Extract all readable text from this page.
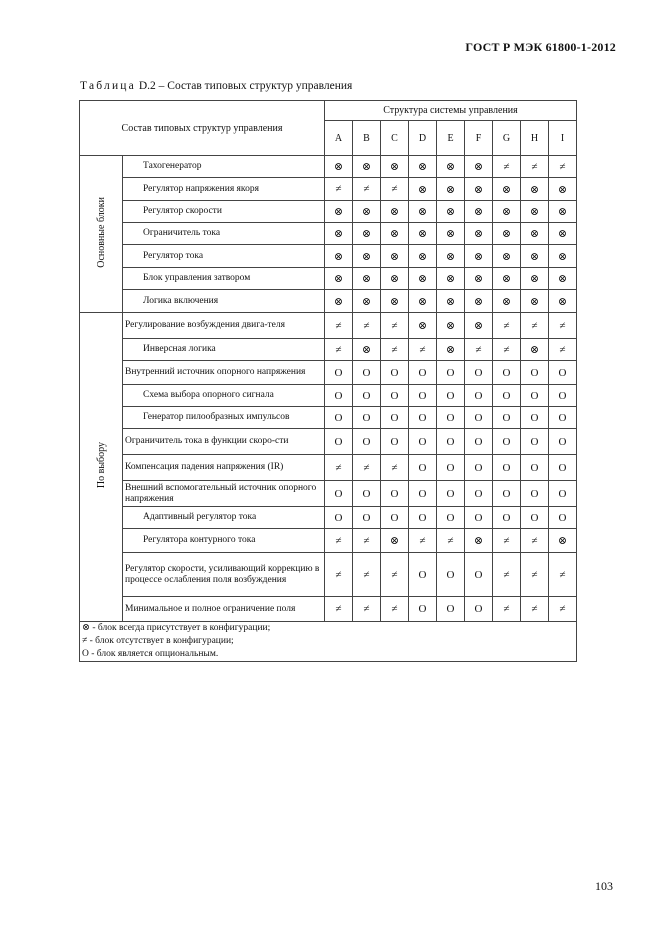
ГОСТ Р МЭК 61800-1-2012
Таблица D.2 – Состав типовых структур управления
Состав типовых структур управления		Структура системы управления								
		A	B	C	D	E	F	G	H	I
Основные блоки	Тахогенератор	⊗	⊗	⊗	⊗	⊗	⊗	≠	≠	≠
	Регулятор напряжения якоря	≠	≠	≠	⊗	⊗	⊗	⊗	⊗	⊗
	Регулятор скорости	⊗	⊗	⊗	⊗	⊗	⊗	⊗	⊗	⊗
	Ограничитель тока	⊗	⊗	⊗	⊗	⊗	⊗	⊗	⊗	⊗
	Регулятор тока	⊗	⊗	⊗	⊗	⊗	⊗	⊗	⊗	⊗
	Блок управления затвором	⊗	⊗	⊗	⊗	⊗	⊗	⊗	⊗	⊗
	Логика включения	⊗	⊗	⊗	⊗	⊗	⊗	⊗	⊗	⊗
По выбору	Регулирование возбуждения двига-теля	≠	≠	≠	⊗	⊗	⊗	≠	≠	≠
	Инверсная логика	≠	⊗	≠	≠	⊗	≠	≠	⊗	≠
	Внутренний источник опорного напряжения	O	O	O	O	O	O	O	O	O
	Схема выбора опорного сигнала	O	O	O	O	O	O	O	O	O
	Генератор пилообразных импульсов	O	O	O	O	O	O	O	O	O
	Ограничитель тока в функции скоро-сти	O	O	O	O	O	O	O	O	O
	Компенсация падения напряжения (IR)	≠	≠	≠	O	O	O	O	O	O
	Внешний вспомогательный источник опорного напряжения	O	O	O	O	O	O	O	O	O
	Адаптивный регулятор тока	O	O	O	O	O	O	O	O	O
	Регулятора контурного тока	≠	≠	⊗	≠	≠	⊗	≠	≠	⊗
	Регулятор скорости, усиливающий коррекцию в процессе ослабления поля возбуждения	≠	≠	≠	O	O	O	≠	≠	≠
	Минимальное и полное ограничение поля	≠	≠	≠	O	O	O	≠	≠	≠

⊗ - блок всегда присутствует в конфигурации;
≠ - блок отсутствует в конфигурации;
O - блок является опциональным.										
103
